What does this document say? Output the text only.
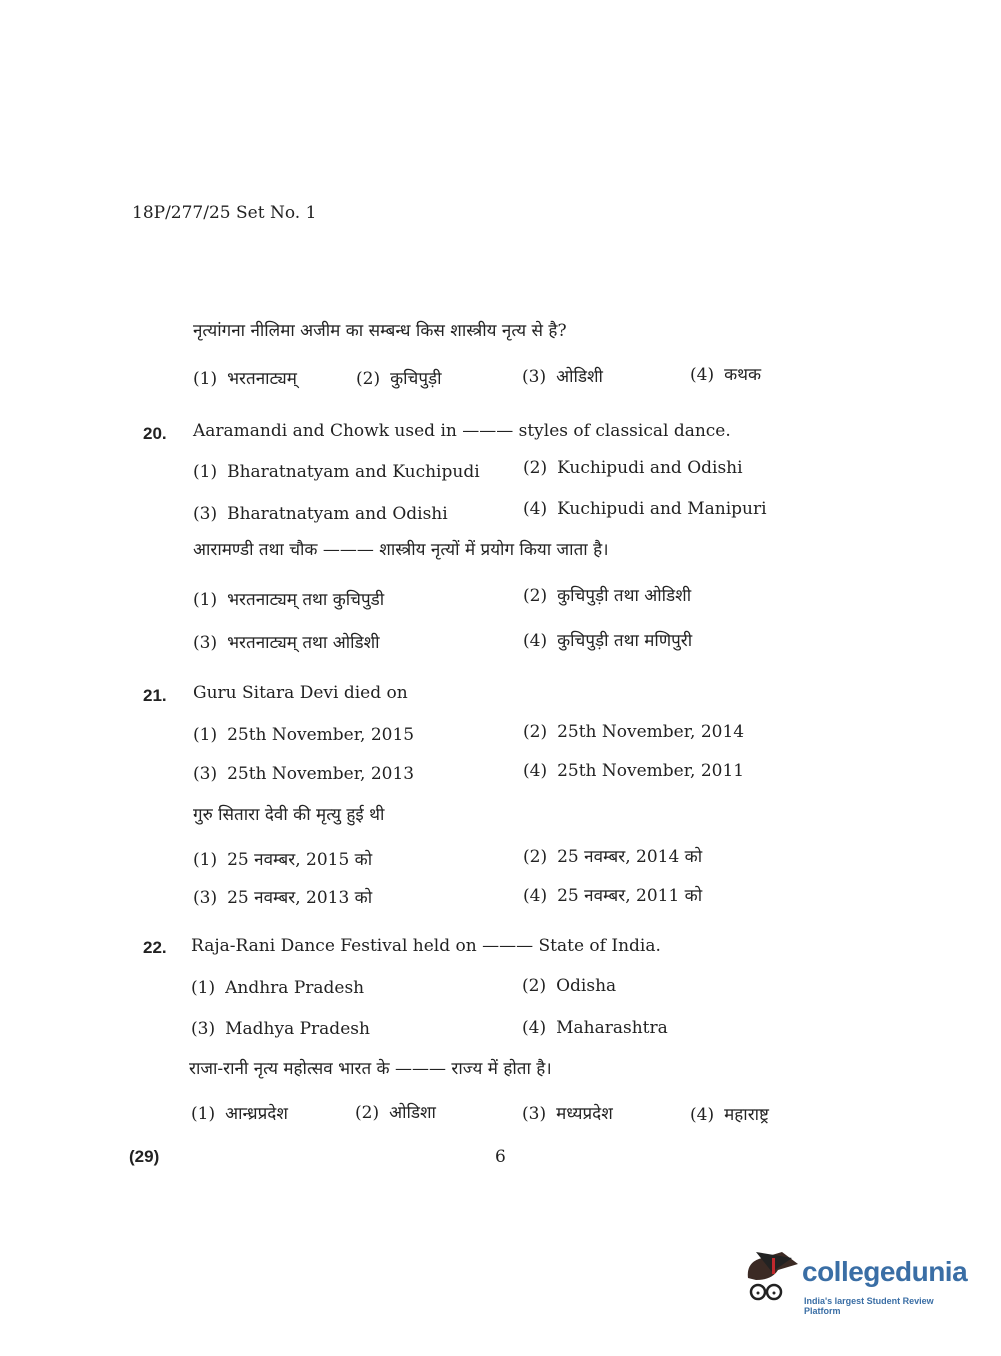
18P/277/25 Set No. 1
नृत्यांगना नीलिमा अजीम का सम्बन्ध किस शास्त्रीय नृत्य से है?
(1) भरतनाट्यम्	(2) कुचिपुड़ी	(3) ओडिशी	(4) कथक
20. Aaramandi and Chowk used in ——— styles of classical dance.
(1) Bharatnatyam and Kuchipudi	(2) Kuchipudi and Odishi
(3) Bharatnatyam and Odishi	(4) Kuchipudi and Manipuri
आरामण्डी तथा चौक ——— शास्त्रीय नृत्यों में प्रयोग किया जाता है।
(1) भरतनाट्यम् तथा कुचिपुडी	(2) कुचिपुड़ी तथा ओडिशी
(3) भरतनाट्यम् तथा ओडिशी	(4) कुचिपुड़ी तथा मणिपुरी
21. Guru Sitara Devi died on
(1) 25th November, 2015	(2) 25th November, 2014
(3) 25th November, 2013	(4) 25th November, 2011
गुरु सितारा देवी की मृत्यु हुई थी
(1) 25 नवम्बर, 2015 को	(2) 25 नवम्बर, 2014 को
(3) 25 नवम्बर, 2013 को	(4) 25 नवम्बर, 2011 को
22. Raja-Rani Dance Festival held on ——— State of India.
(1) Andhra Pradesh	(2) Odisha
(3) Madhya Pradesh	(4) Maharashtra
राजा-रानी नृत्य महोत्सव भारत के ——— राज्य में होता है।
(1) आन्ध्रप्रदेश	(2) ओडिशा	(3) मध्यप्रदेश	(4) महाराष्ट्र
(29)	6
collegedunia
India's largest Student Review Platform
